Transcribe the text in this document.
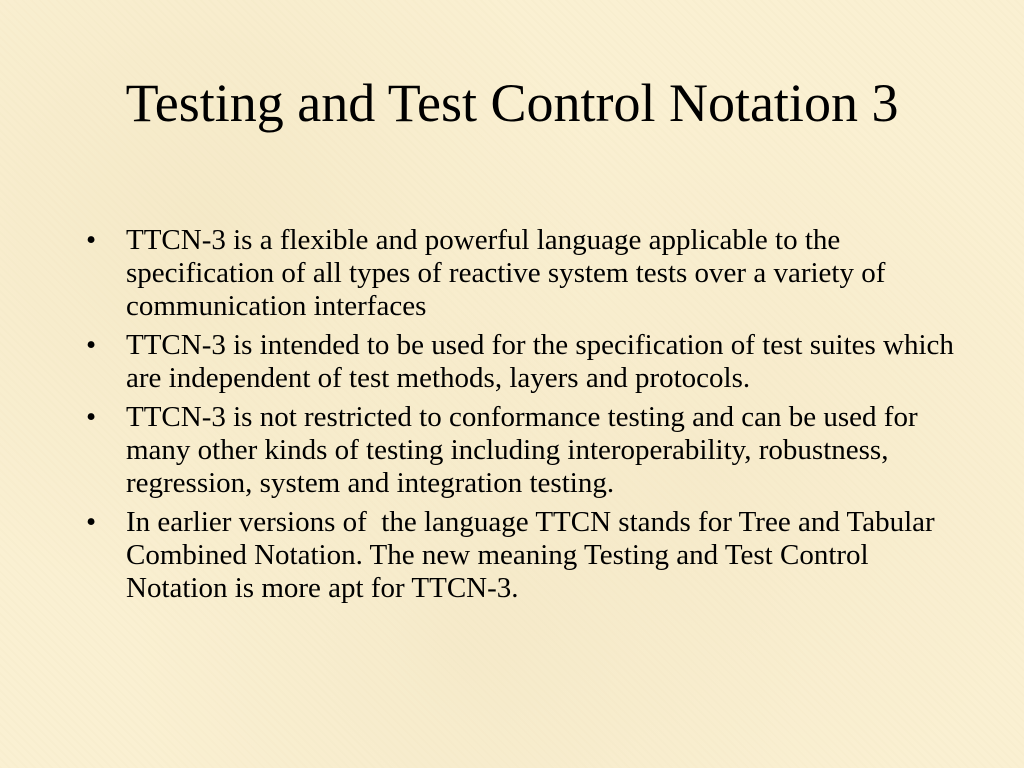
Testing and Test Control Notation 3
•	TTCN-3 is a flexible and powerful language applicable to the specification of all types of reactive system tests over a variety of communication interfaces
•	TTCN-3 is intended to be used for the specification of test suites which are independent of test methods, layers and protocols.
•	TTCN-3 is not restricted to conformance testing and can be used for many other kinds of testing including interoperability, robustness, regression, system and integration testing.
•	In earlier versions of  the language TTCN stands for Tree and Tabular Combined Notation. The new meaning Testing and Test Control Notation is more apt for TTCN-3.
